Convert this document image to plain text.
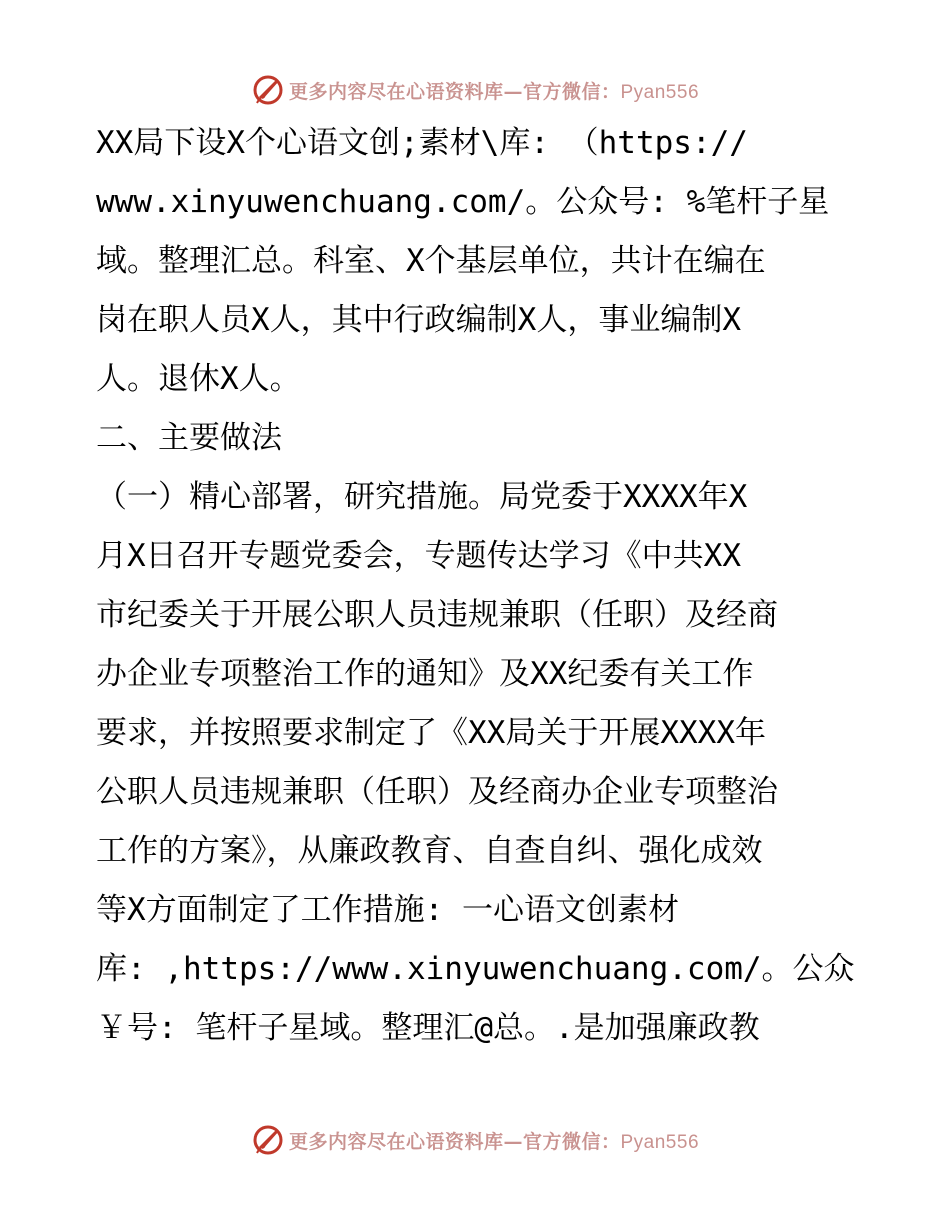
更多内容尽在心语资料库—官方微信：Pyan556
XX局下设X个心语文创;素材\库: （https://
www.xinyuwenchuang.com/。公众号: %笔杆子星
域。整理汇总。科室、X个基层单位，共计在编在
岗在职人员X人，其中行政编制X人，事业编制X
人。退休X人。
二、主要做法
（一）精心部署，研究措施。局党委于XXXX年X
月X日召开专题党委会，专题传达学习《中共XX
市纪委关于开展公职人员违规兼职（任职）及经商
办企业专项整治工作的通知》及XX纪委有关工作
要求，并按照要求制定了《XX局关于开展XXXX年
公职人员违规兼职（任职）及经商办企业专项整治
工作的方案》，从廉政教育、自查自纠、强化成效
等X方面制定了工作措施: 一心语文创素材
库: ,https://www.xinyuwenchuang.com/。公众
￥号: 笔杆子星域。整理汇@总。.是加强廉政教
更多内容尽在心语资料库—官方微信：Pyan556
